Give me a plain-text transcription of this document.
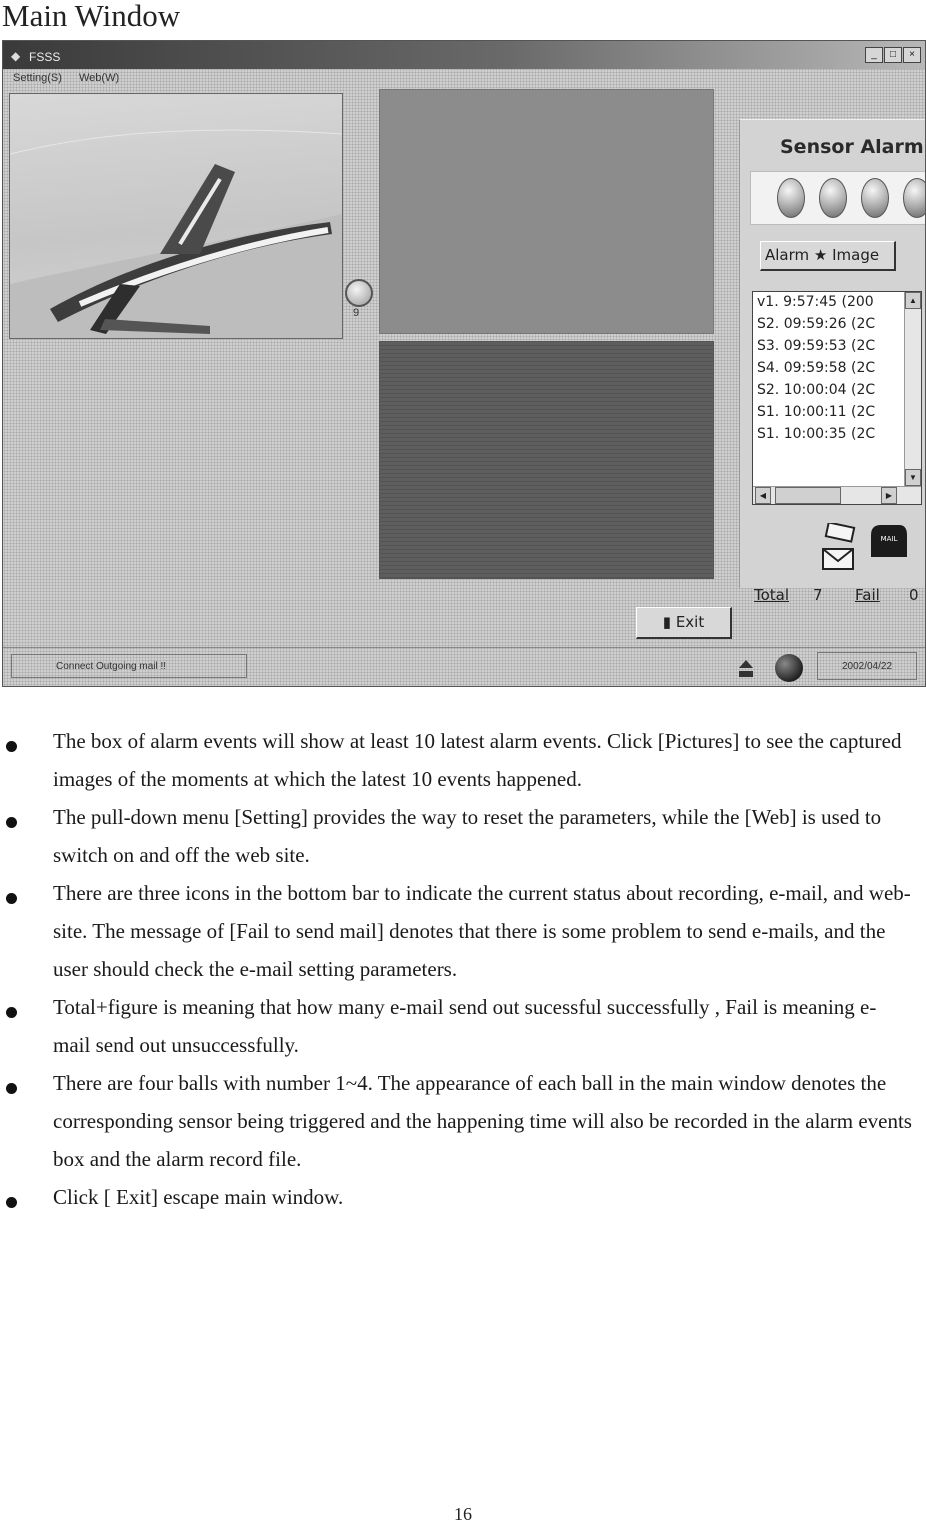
Main Window
◆ FSSS	_	□	×
Setting(S) Web(W)
9
Sensor Alarm
Alarm ★ Image
v1. 9:57:45 (200
S2. 09:59:26 (2C
S3. 09:59:53 (2C
S4. 09:59:58 (2C
S2. 10:00:04 (2C
S1. 10:00:11 (2C
S1. 10:00:35 (2C
▲
▼
◀	▶
MAIL
Total 7 Fail 0
▮ Exit
Connect Outgoing mail !!	2002/04/22
The box of alarm events will show at least 10 latest alarm events. Click [Pictures] to see the captured images of the moments at which the latest 10 events happened.
The pull-down menu [Setting] provides the way to reset the parameters, while the [Web] is used to switch on and off the web site.
There are three icons in the bottom bar to indicate the current status about recording, e-mail, and web-site. The message of [Fail to send mail] denotes that there is some problem to send e-mails, and the user should check the e-mail setting parameters.
Total+figure is meaning that how many e-mail send out sucessful successfully , Fail is meaning e-mail send out unsuccessfully.
There are four balls with number 1~4. The appearance of each ball in the main window denotes the corresponding sensor being triggered and the happening time will also be recorded in the alarm events box and the alarm record file.
Click [ Exit] escape main window.
16
